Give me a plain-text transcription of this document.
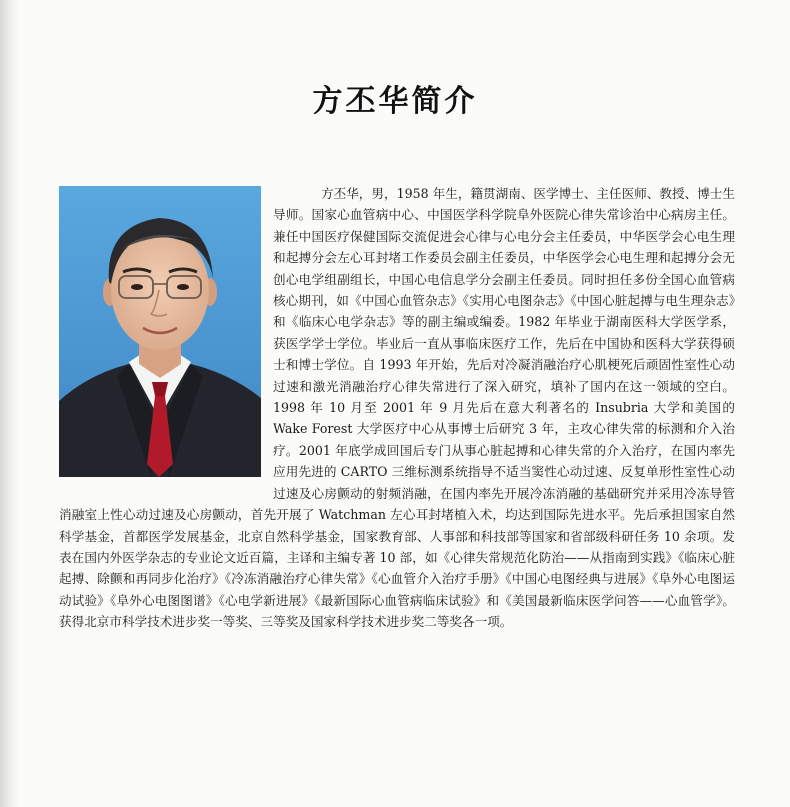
方丕华简介

方丕华，男，1958 年生，籍贯湖南、医学博士、主任医师、教授、博士生导师。国家心血管病中心、中国医学科学院阜外医院心律失常诊治中心病房主任。兼任中国医疗保健国际交流促进会心律与心电分会主任委员，中华医学会心电生理和起搏分会左心耳封堵工作委员会副主任委员，中华医学会心电生理和起搏分会无创心电学组副组长，中国心电信息学分会副主任委员。同时担任多份全国心血管病核心期刊，如《中国心血管杂志》《实用心电图杂志》《中国心脏起搏与电生理杂志》和《临床心电学杂志》等的副主编或编委。1982 年毕业于湖南医科大学医学系，获医学学士学位。毕业后一直从事临床医疗工作，先后在中国协和医科大学获得硕士和博士学位。自 1993 年开始，先后对冷凝消融治疗心肌梗死后顽固性室性心动过速和激光消融治疗心律失常进行了深入研究，填补了国内在这一领域的空白。1998 年 10 月至 2001 年 9 月先后在意大利著名的 Insubria 大学和美国的 Wake Forest 大学医疗中心从事博士后研究 3 年，主攻心律失常的标测和介入治疗。2001 年底学成回国后专门从事心脏起搏和心律失常的介入治疗，在国内率先应用先进的 CARTO 三维标测系统指导不适当窦性心动过速、反复单形性室性心动过速及心房颤动的射频消融，在国内率先开展冷冻消融的基础研究并采用冷冻导管消融室上性心动过速及心房颤动，首先开展了 Watchman 左心耳封堵植入术，均达到国际先进水平。先后承担国家自然科学基金，首都医学发展基金，北京自然科学基金，国家教育部、人事部和科技部等国家和省部级科研任务 10 余项。发表在国内外医学杂志的专业论文近百篇，主译和主编专著 10 部，如《心律失常规范化防治——从指南到实践》《临床心脏起搏、除颤和再同步化治疗》《冷冻消融治疗心律失常》《心血管介入治疗手册》《中国心电图经典与进展》《阜外心电图运动试验》《阜外心电图图谱》《心电学新进展》《最新国际心血管病临床试验》和《美国最新临床医学问答——心血管学》。获得北京市科学技术进步奖一等奖、三等奖及国家科学技术进步奖二等奖各一项。
